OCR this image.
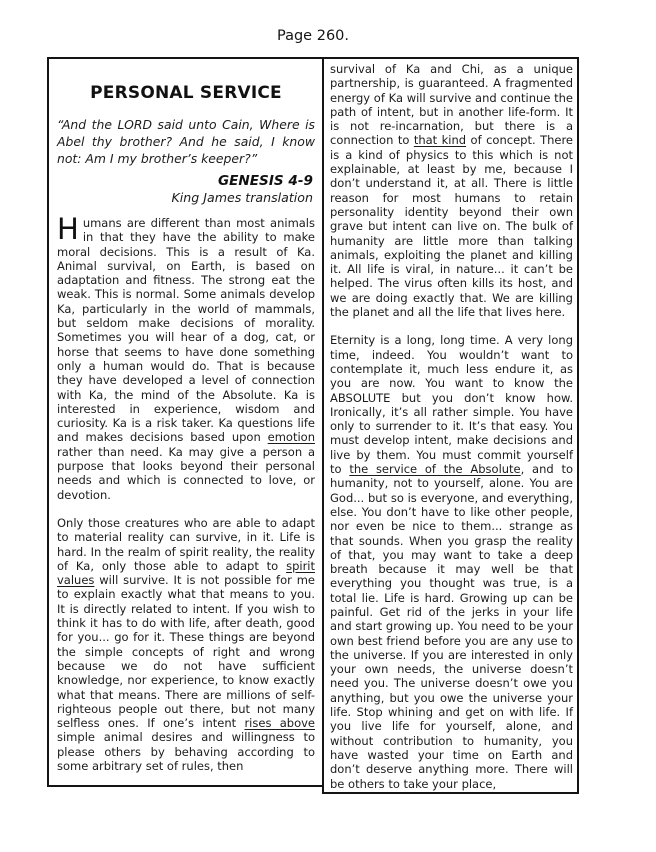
Page 260.
PERSONAL SERVICE

“And the LORD said unto Cain, Where is Abel thy brother? And he said, I know not: Am I my brother’s keeper?”

GENESIS 4-9

King James translation

Humans are different than most animals in that they have the ability to make moral decisions. This is a result of Ka. Animal survival, on Earth, is based on adaptation and fitness. The strong eat the weak. This is normal. Some animals develop Ka, particularly in the world of mammals, but seldom make decisions of morality. Sometimes you will hear of a dog, cat, or horse that seems to have done something only a human would do. That is because they have developed a level of connection with Ka, the mind of the Absolute. Ka is interested in experience, wisdom and curiosity. Ka is a risk taker. Ka questions life and makes decisions based upon emotion rather than need. Ka may give a person a purpose that looks beyond their personal needs and which is connected to love, or devotion.

Only those creatures who are able to adapt to material reality can survive, in it. Life is hard. In the realm of spirit reality, the reality of Ka, only those able to adapt to spirit values will survive. It is not possible for me to explain exactly what that means to you. It is directly related to intent. If you wish to think it has to do with life, after death, good for you... go for it. These things are beyond the simple concepts of right and wrong because we do not have sufficient knowledge, nor experience, to know exactly what that means. There are millions of self-righteous people out there, but not many selfless ones. If one’s intent rises above simple animal desires and willingness to please others by behaving according to some arbitrary set of rules, then

survival of Ka and Chi, as a unique partnership, is guaranteed. A fragmented energy of Ka will survive and continue the path of intent, but in another life-form. It is not re-incarnation, but there is a connection to that kind of concept. There is a kind of physics to this which is not explainable, at least by me, because I don’t understand it, at all. There is little reason for most humans to retain personality identity beyond their own grave but intent can live on. The bulk of humanity are little more than talking animals, exploiting the planet and killing it. All life is viral, in nature... it can’t be helped. The virus often kills its host, and we are doing exactly that. We are killing the planet and all the life that lives here.

Eternity is a long, long time. A very long time, indeed. You wouldn’t want to contemplate it, much less endure it, as you are now. You want to know the ABSOLUTE but you don’t know how. Ironically, it’s all rather simple. You have only to surrender to it. It’s that easy. You must develop intent, make decisions and live by them. You must commit yourself to the service of the Absolute, and to humanity, not to yourself, alone. You are God... but so is everyone, and everything, else. You don’t have to like other people, nor even be nice to them... strange as that sounds. When you grasp the reality of that, you may want to take a deep breath because it may well be that everything you thought was true, is a total lie. Life is hard. Growing up can be painful. Get rid of the jerks in your life and start growing up. You need to be your own best friend before you are any use to the universe. If you are interested in only your own needs, the universe doesn’t need you. The universe doesn’t owe you anything, but you owe the universe your life. Stop whining and get on with life. If you live life for yourself, alone, and without contribution to humanity, you have wasted your time on Earth and don’t deserve anything more. There will be others to take your place,
